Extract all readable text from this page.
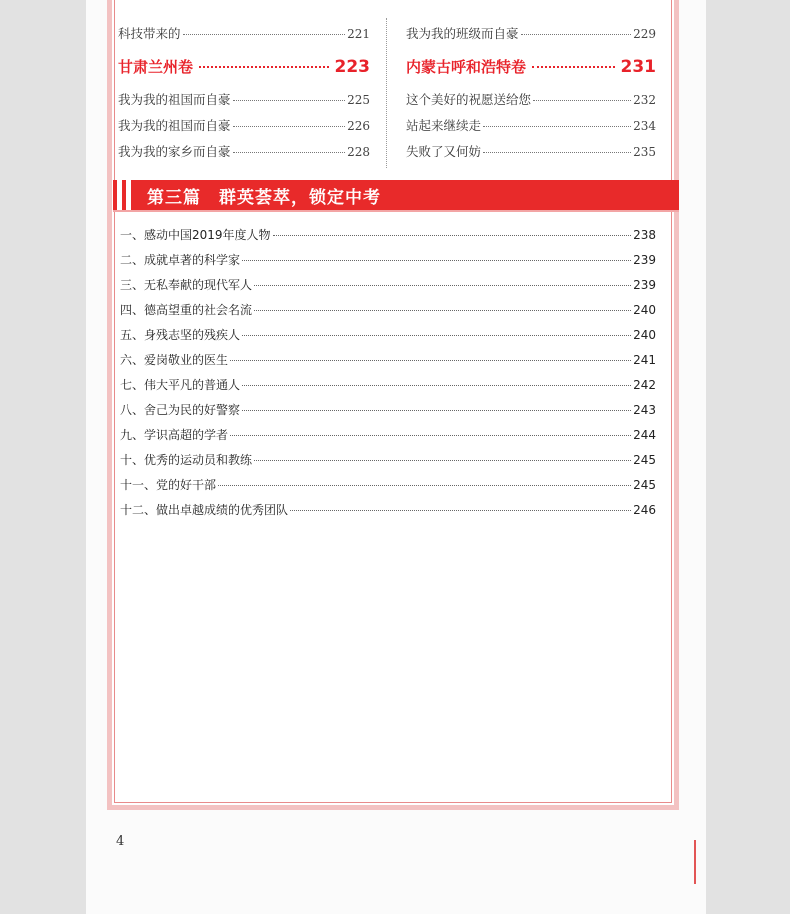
科技带来的	221
甘肃兰州卷	223
我为我的祖国而自豪	225
我为我的祖国而自豪	226
我为我的家乡而自豪	228
我为我的班级而自豪	229
内蒙古呼和浩特卷	231
这个美好的祝愿送给您	232
站起来继续走	234
失败了又何妨	235
第三篇　群英荟萃，锁定中考
一、感动中国2019年度人物	238
二、成就卓著的科学家	239
三、无私奉献的现代军人	239
四、德高望重的社会名流	240
五、身残志坚的残疾人	240
六、爱岗敬业的医生	241
七、伟大平凡的普通人	242
八、舍己为民的好警察	243
九、学识高超的学者	244
十、优秀的运动员和教练	245
十一、党的好干部	245
十二、做出卓越成绩的优秀团队	246
4
